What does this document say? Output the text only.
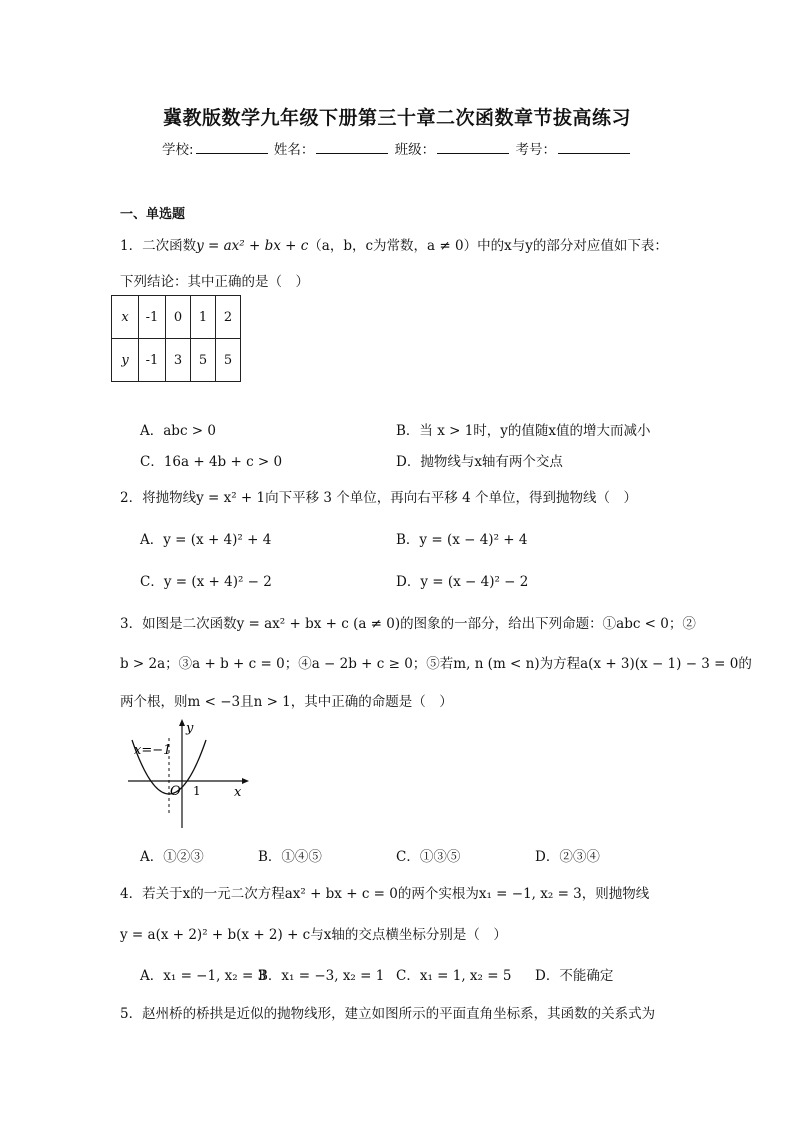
冀教版数学九年级下册第三十章二次函数章节拔高练习
学校:	姓名：	班级：	考号：
一、单选题
1．二次函数y = ax² + bx + c（a，b，c为常数，a ≠ 0）中的x与y的部分对应值如下表：
下列结论：其中正确的是（　）
x	-1	0	1	2
y	-1	3	5	5
A．abc > 0	B．当 x > 1时，y的值随x值的增大而减小
C．16a + 4b + c > 0	D．抛物线与x轴有两个交点
2．将抛物线y = x² + 1向下平移 3 个单位，再向右平移 4 个单位，得到抛物线（　）
A．y = (x + 4)² + 4	B．y = (x − 4)² + 4
C．y = (x + 4)² − 2	D．y = (x − 4)² − 2
3．如图是二次函数y = ax² + bx + c (a ≠ 0)的图象的一部分，给出下列命题：①abc < 0；②
b > 2a；③a + b + c = 0；④a − 2b + c ≥ 0；⑤若m, n (m < n)为方程a(x + 3)(x − 1) − 3 = 0的
两个根，则m < −3且n > 1，其中正确的命题是（　）
x=−1
y
x
O 1
A．①②③	B．①④⑤	C．①③⑤	D．②③④
4．若关于x的一元二次方程ax² + bx + c = 0的两个实根为x₁ = −1, x₂ = 3，则抛物线
y = a(x + 2)² + b(x + 2) + c与x轴的交点横坐标分别是（　）
A．x₁ = −1, x₂ = 3
B．x₁ = −3, x₂ = 1 C．x₁ = 1, x₂ = 5 D．不能确定
5．赵州桥的桥拱是近似的抛物线形，建立如图所示的平面直角坐标系，其函数的关系式为
